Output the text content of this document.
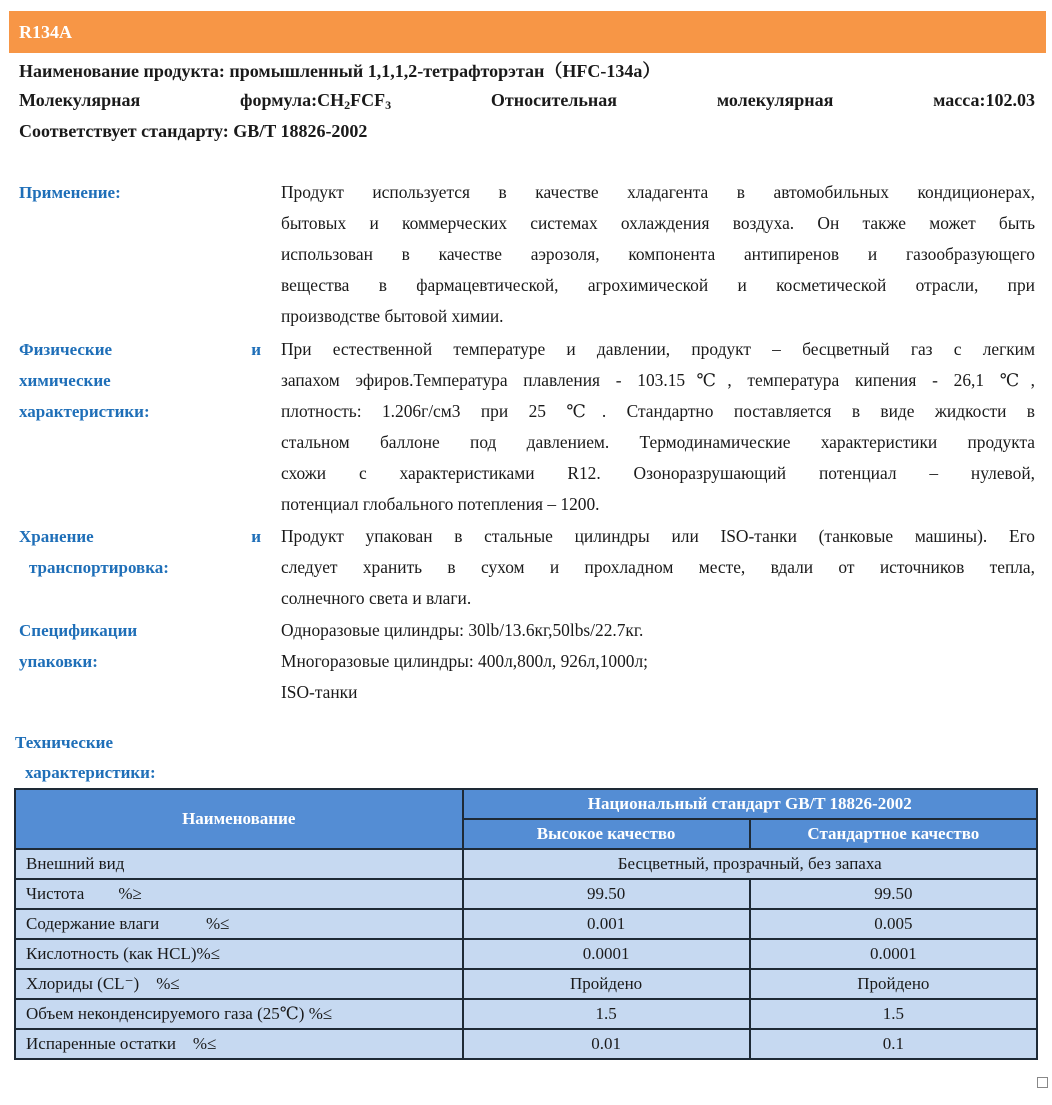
R134A
Наименование продукта: промышленный 1,1,1,2-тетрафторэтан（HFC-134a）
Молекулярная	$формула:CH_2FCF_3$	Относительная	молекулярная	масса:102.03
Соответствует стандарту: GB/T 18826-2002
Применение:	Продукт используется в качестве хладагента в автомобильных кондиционерах,
бытовых и коммерческих системах охлаждения воздуха. Он также может быть
использован в качестве аэрозоля, компонента антипиренов и газообразующего
вещества в фармацевтической, агрохимической и косметической отрасли, при
производстве бытовой химии.
Физические	и
химические
характеристики:
При естественной температуре и давлении, продукт – бесцветный газ с легким
запахом эфиров.Температура плавления - 103.15℃, температура кипения - 26,1 ℃,
плотность: 1.206г/см3 при 25 ℃. Стандартно поставляется в виде жидкости в
стальном баллоне под давлением. Термодинамические характеристики продукта
схожи с характеристиками R12. Озоноразрушающий потенциал – нулевой,
потенциал глобального потепления – 1200.
Хранение	и
транспортировка:
Продукт упакован в стальные цилиндры или ISO-танки (танковые машины). Его
следует хранить в сухом и прохладном месте, вдали от источников тепла,
солнечного света и влаги.
Спецификации
упаковки:
Одноразовые цилиндры: 30lb/13.6кг,50lbs/22.7кг.
Многоразовые цилиндры: 400л,800л, 926л,1000л;
ISO-танки
Технические
характеристики:
Наименование	Национальный стандарт GB/T 18826-2002	
	Высокое качество	Стандартное качество
Внешний вид	Бесцветный, прозрачный, без запаха	
Чистота        %≥	99.50	99.50
Содержание влаги           %≤	0.001	0.005
Кислотность (как HCL)%≤	0.0001	0.0001
Хлориды (CL⁻)    %≤	Пройдено	Пройдено
Объем неконденсируемого газа (25℃) %≤	1.5	1.5
Испаренные остатки    %≤	0.01	0.1
